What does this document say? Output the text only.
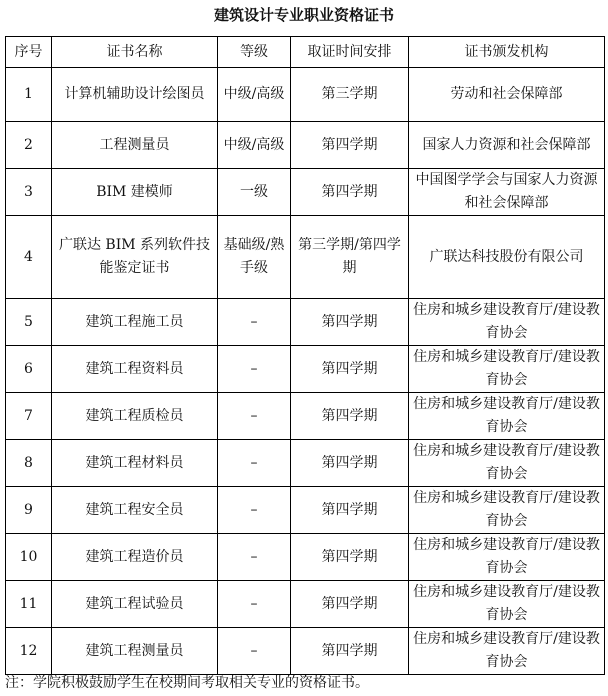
建筑设计专业职业资格证书
序号	证书名称	等级	取证时间安排	证书颁发机构
1	计算机辅助设计绘图员	中级/高级	第三学期	劳动和社会保障部
2	工程测量员	中级/高级	第四学期	国家人力资源和社会保障部
3	BIM 建模师	一级	第四学期	中国图学学会与国家人力资源和社会保障部
4	广联达 BIM 系列软件技能鉴定证书	基础级/熟手级	第三学期/第四学期	广联达科技股份有限公司
5	建筑工程施工员	–	第四学期	住房和城乡建设教育厅/建设教育协会
6	建筑工程资料员	–	第四学期	住房和城乡建设教育厅/建设教育协会
7	建筑工程质检员	–	第四学期	住房和城乡建设教育厅/建设教育协会
8	建筑工程材料员	–	第四学期	住房和城乡建设教育厅/建设教育协会
9	建筑工程安全员	–	第四学期	住房和城乡建设教育厅/建设教育协会
10	建筑工程造价员	–	第四学期	住房和城乡建设教育厅/建设教育协会
11	建筑工程试验员	–	第四学期	住房和城乡建设教育厅/建设教育协会
12	建筑工程测量员	–	第四学期	住房和城乡建设教育厅/建设教育协会
注：学院积极鼓励学生在校期间考取相关专业的资格证书。
